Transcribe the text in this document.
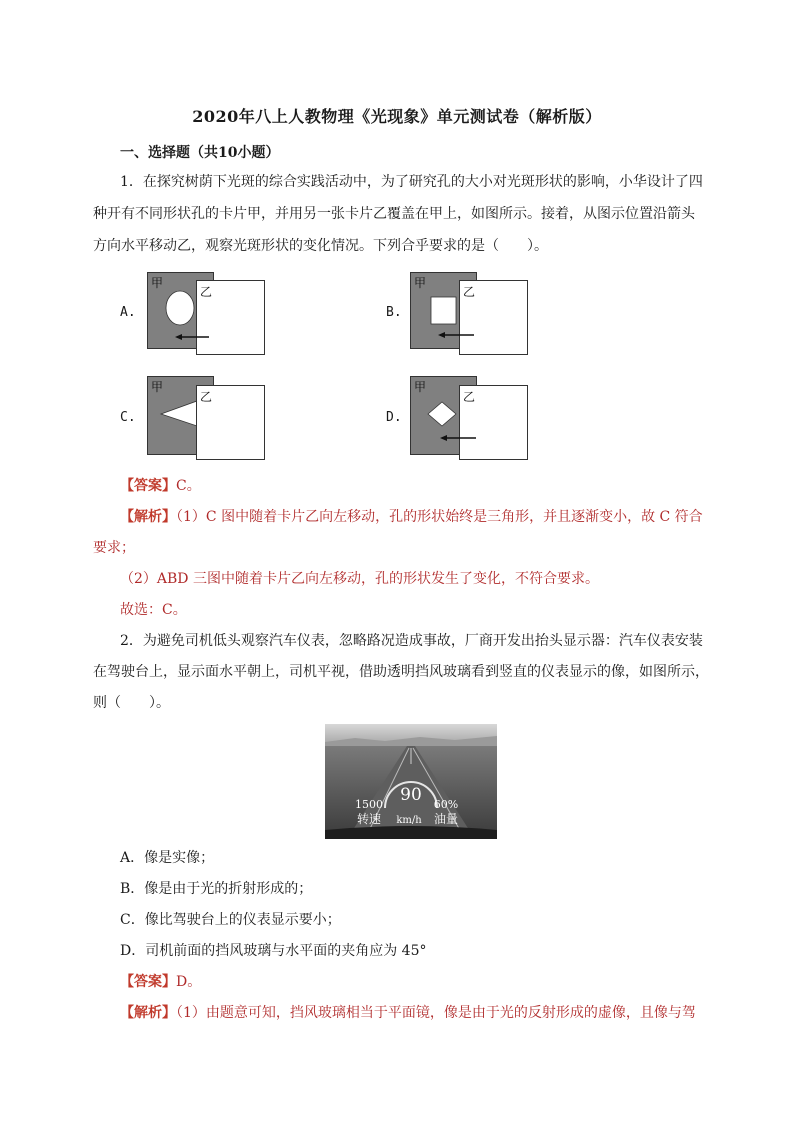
2020年八上人教物理《光现象》单元测试卷（解析版）
一、选择题（共10小题）
1．在探究树荫下光斑的综合实践活动中，为了研究孔的大小对光斑形状的影响，小华设计了四
种开有不同形状孔的卡片甲，并用另一张卡片乙覆盖在甲上，如图所示。接着，从图示位置沿箭头
方向水平移动乙，观察光斑形状的变化情况。下列合乎要求的是（　　）。
A.
甲
乙
B.
甲
乙
C.
甲
乙
D.
甲
乙
【答案】C。
【解析】（1）C 图中随着卡片乙向左移动，孔的形状始终是三角形，并且逐渐变小，故 C 符合
要求；
（2）ABD 三图中随着卡片乙向左移动，孔的形状发生了变化，不符合要求。
故选：C。
2．为避免司机低头观察汽车仪表，忽略路况造成事故，厂商开发出抬头显示器：汽车仪表安装
在驾驶台上，显示面水平朝上，司机平视，借助透明挡风玻璃看到竖直的仪表显示的像，如图所示，
则（　　）。
90
1500	60%
转速 km/h 油量
A．像是实像；
B．像是由于光的折射形成的；
C．像比驾驶台上的仪表显示要小；
D．司机前面的挡风玻璃与水平面的夹角应为 45°
【答案】D。
【解析】（1）由题意可知，挡风玻璃相当于平面镜，像是由于光的反射形成的虚像，且像与驾
